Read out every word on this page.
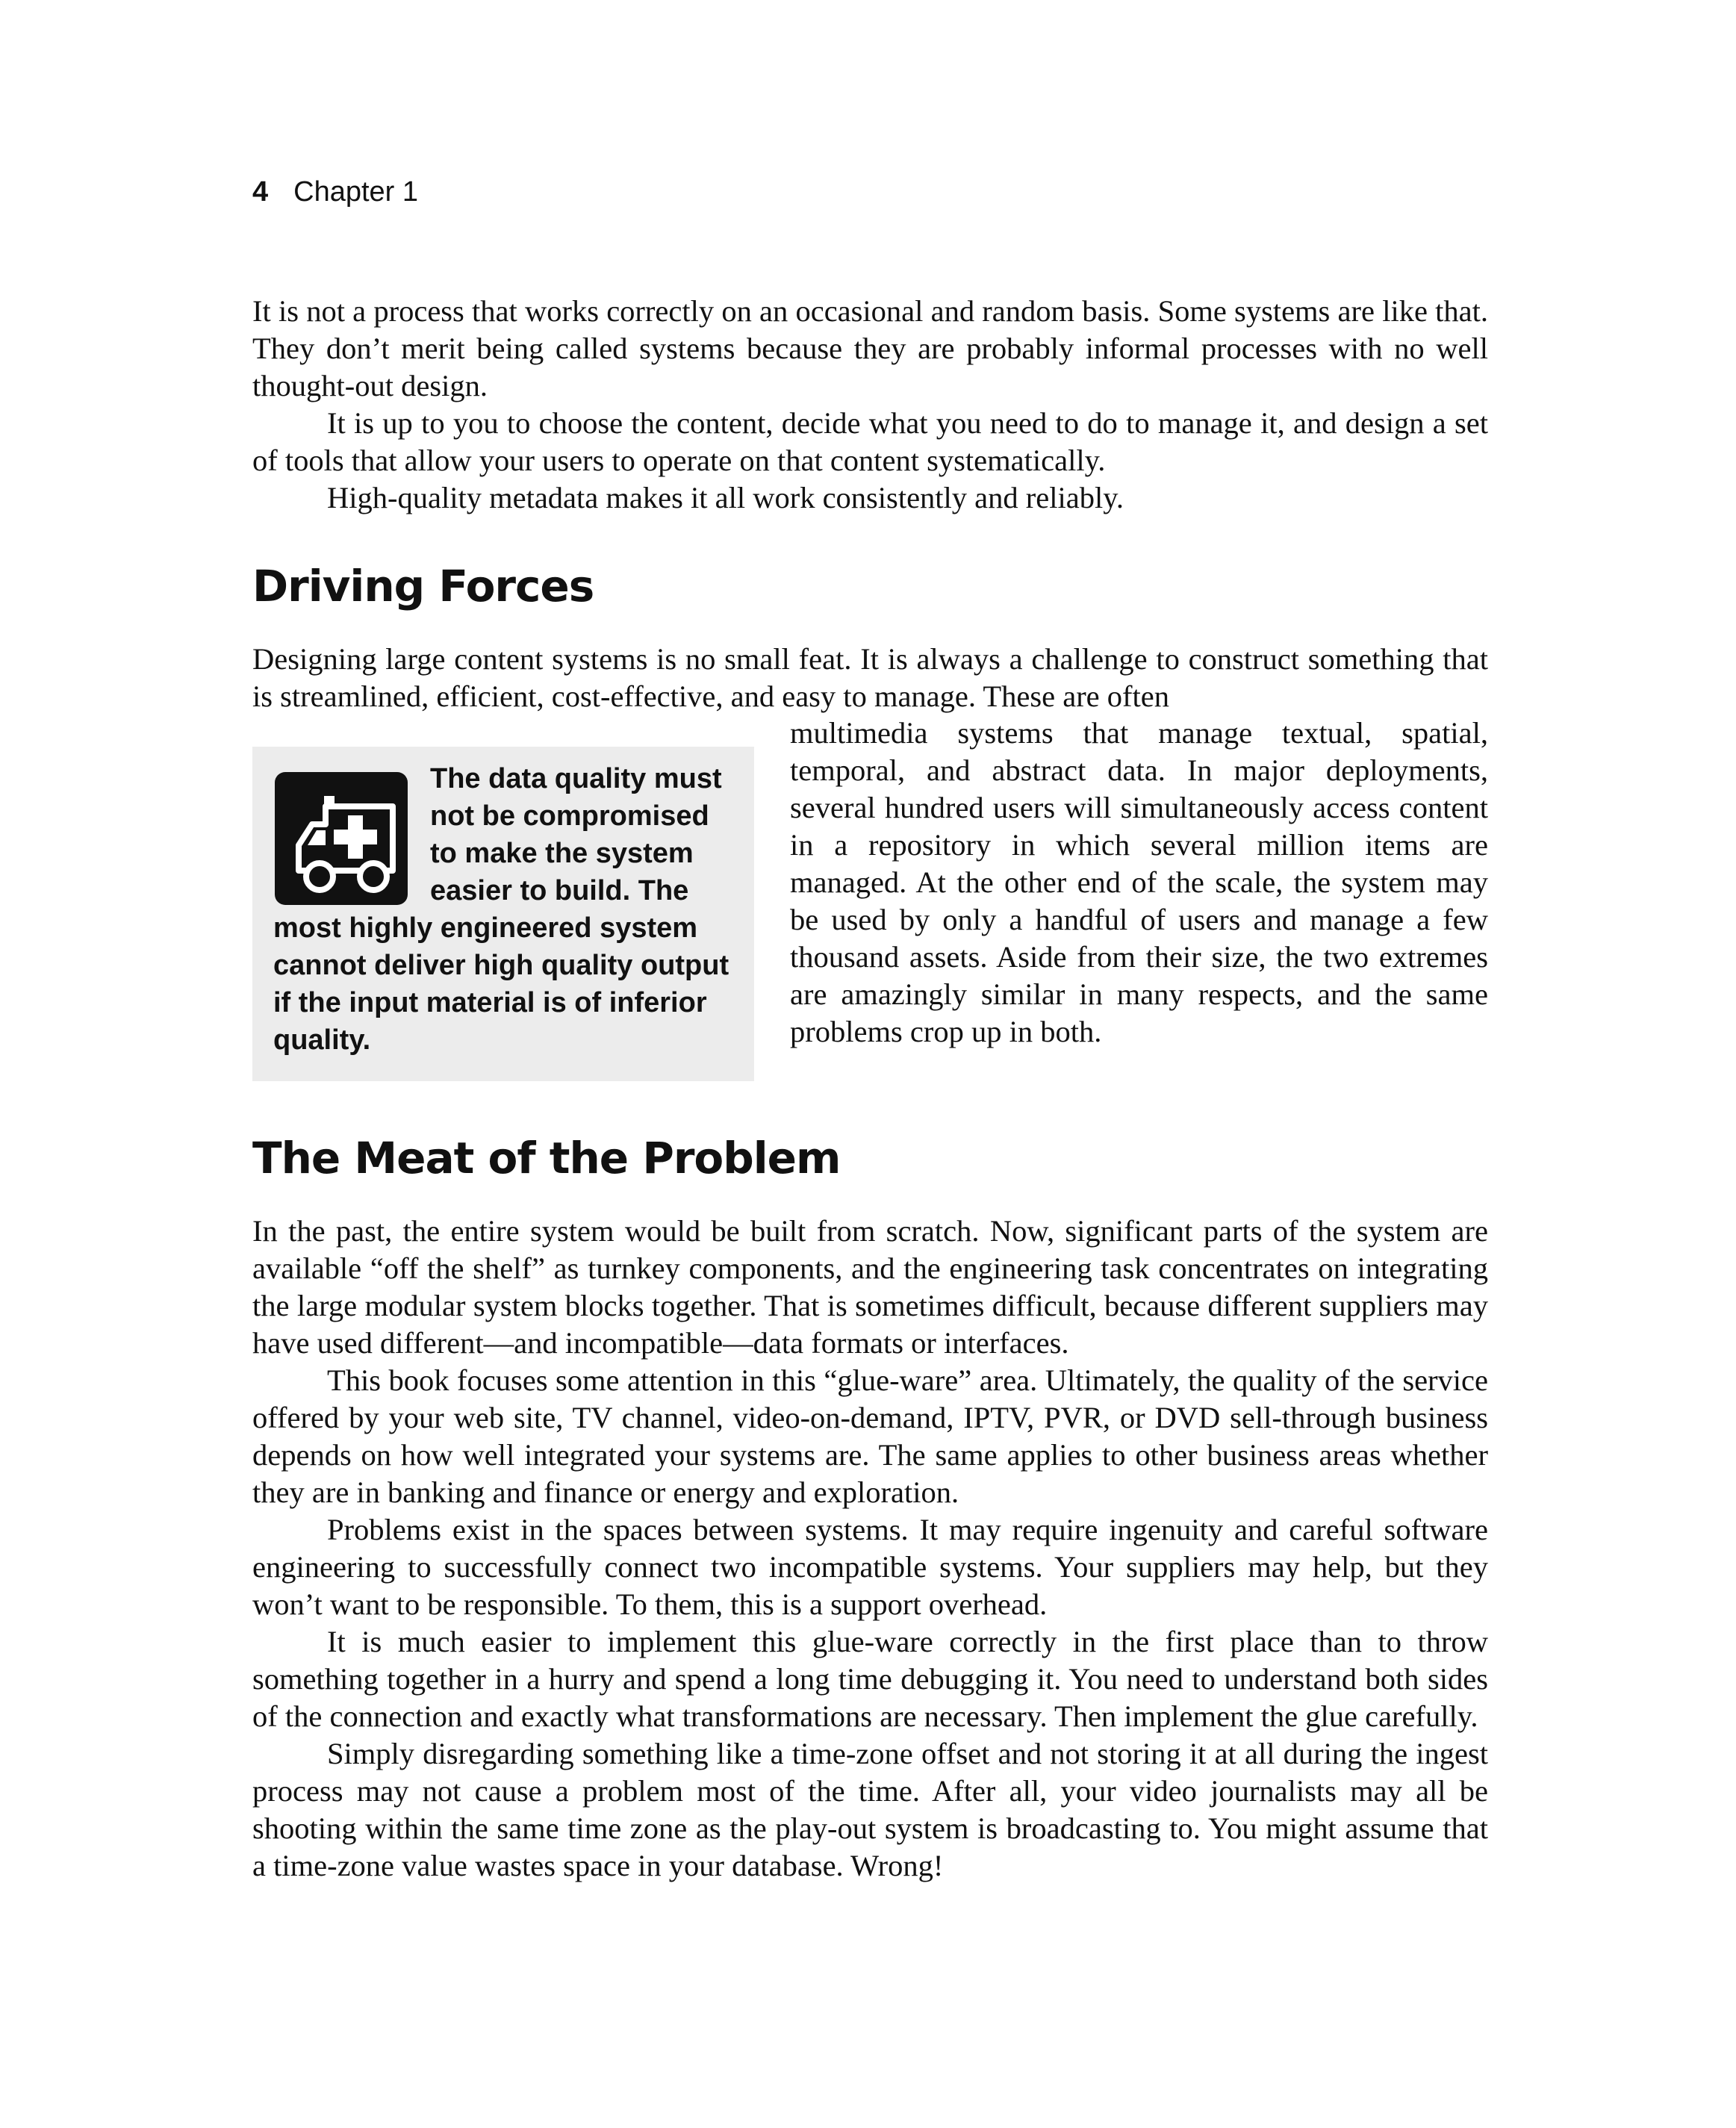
4 Chapter 1

It is not a process that works correctly on an occasional and random basis. Some systems are like that. They don’t merit being called systems because they are probably informal processes with no well thought-out design.

It is up to you to choose the content, decide what you need to do to manage it, and design a set of tools that allow your users to operate on that content systematically.

High-quality metadata makes it all work consistently and reliably.

Driving Forces

Designing large content systems is no small feat. It is always a challenge to construct something that is streamlined, efficient, cost-effective, and easy to manage. These are often

The data quality must not be compromised to make the system easier to build. The most highly engineered system cannot deliver high quality output if the input material is of inferior quality.

multimedia systems that manage textual, spatial, temporal, and abstract data. In major deployments, several hundred users will simultaneously access content in a repository in which several million items are managed. At the other end of the scale, the system may be used by only a handful of users and manage a few thousand assets. Aside from their size, the two extremes are amazingly similar in many respects, and the same problems crop up in both.

The Meat of the Problem

In the past, the entire system would be built from scratch. Now, significant parts of the system are available “off the shelf” as turnkey components, and the engineering task concentrates on integrating the large modular system blocks together. That is sometimes difficult, because different suppliers may have used different—and incompatible—data formats or interfaces.

This book focuses some attention in this “glue-ware” area. Ultimately, the quality of the service offered by your web site, TV channel, video-on-demand, IPTV, PVR, or DVD sell-through business depends on how well integrated your systems are. The same applies to other business areas whether they are in banking and finance or energy and exploration.

Problems exist in the spaces between systems. It may require ingenuity and careful software engineering to successfully connect two incompatible systems. Your suppliers may help, but they won’t want to be responsible. To them, this is a support overhead.

It is much easier to implement this glue-ware correctly in the first place than to throw something together in a hurry and spend a long time debugging it. You need to understand both sides of the connection and exactly what transformations are necessary. Then implement the glue carefully.

Simply disregarding something like a time-zone offset and not storing it at all during the ingest process may not cause a problem most of the time. After all, your video journalists may all be shooting within the same time zone as the play-out system is broadcasting to. You might assume that a time-zone value wastes space in your database. Wrong!
